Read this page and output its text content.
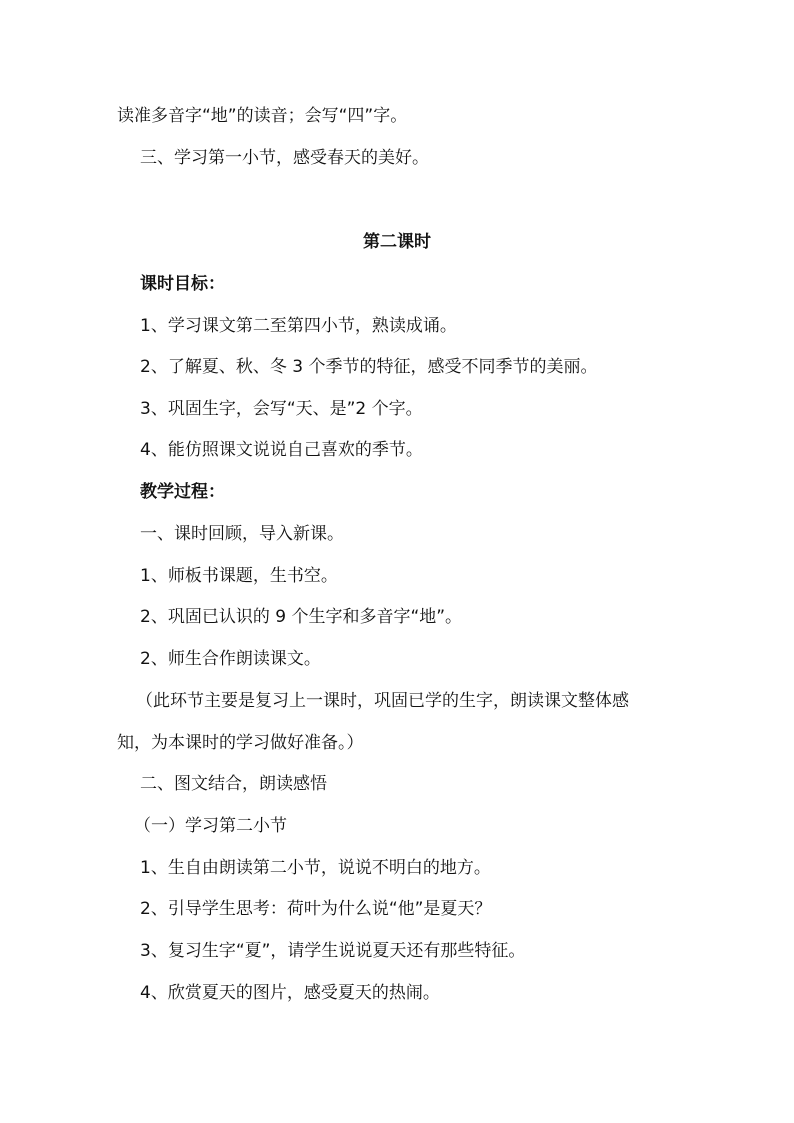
读准多音字“地”的读音；会写“四”字。
三、学习第一小节，感受春天的美好。
第二课时
课时目标：
1、学习课文第二至第四小节，熟读成诵。
2、了解夏、秋、冬 3 个季节的特征，感受不同季节的美丽。
3、巩固生字，会写“天、是”2 个字。
4、能仿照课文说说自己喜欢的季节。
教学过程：
一、课时回顾，导入新课。
1、师板书课题，生书空。
2、巩固已认识的 9 个生字和多音字“地”。
2、师生合作朗读课文。
（此环节主要是复习上一课时，巩固已学的生字，朗读课文整体感
知，为本课时的学习做好准备。）
二、图文结合，朗读感悟
（一）学习第二小节
1、生自由朗读第二小节，说说不明白的地方。
2、引导学生思考：荷叶为什么说“他”是夏天？
3、复习生字“夏”，请学生说说夏天还有那些特征。
4、欣赏夏天的图片，感受夏天的热闹。
